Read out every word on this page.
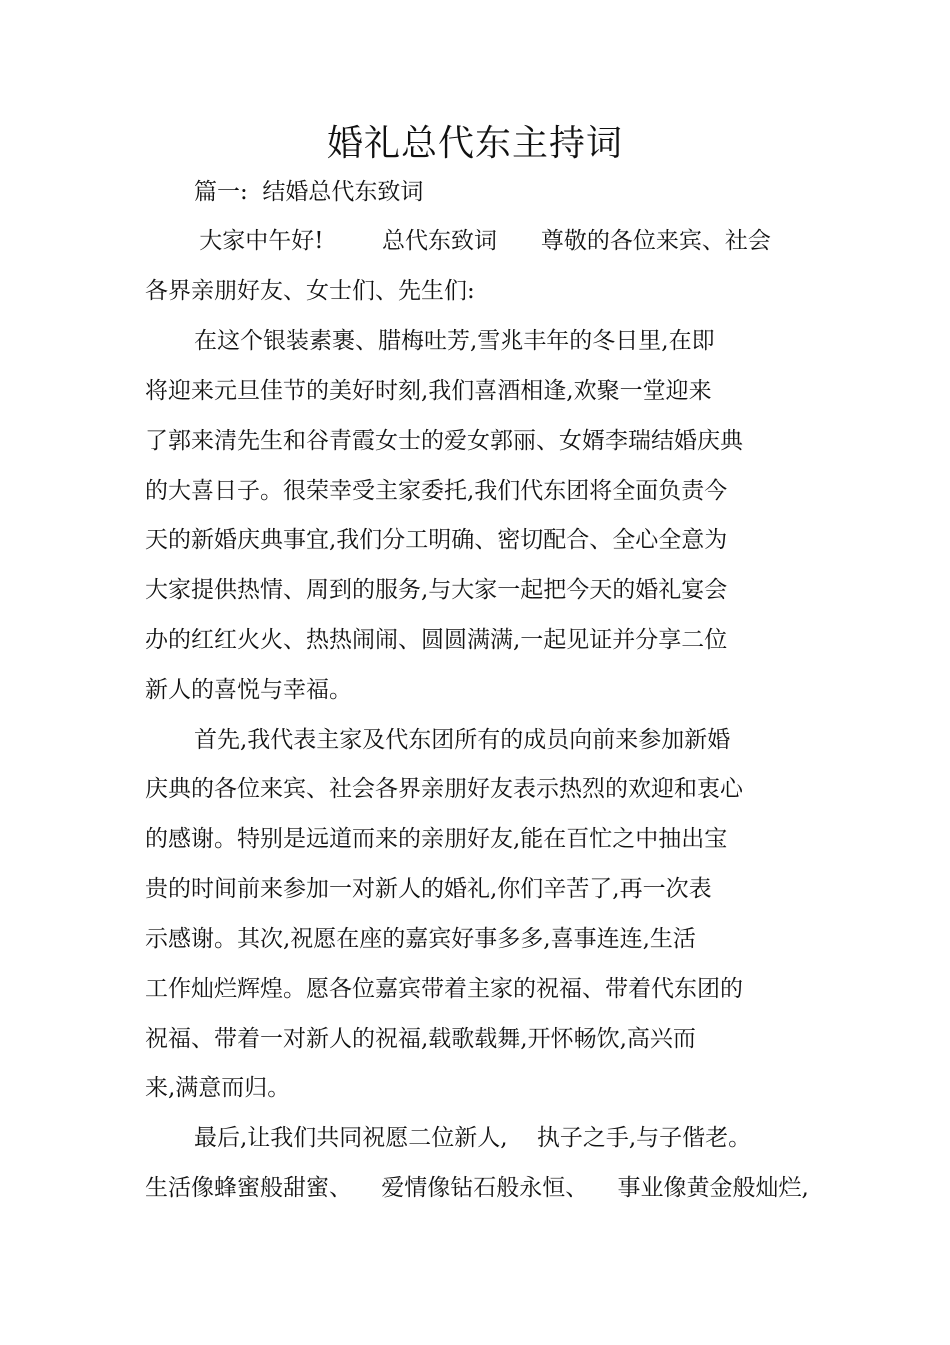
婚礼总代东主持词
篇一:  结婚总代东致词
大家中午好!        总代东致词      尊敬的各位来宾、社会
各界亲朋好友、女士们、先生们:
在这个银装素裹、腊梅吐芳,雪兆丰年的冬日里,在即
将迎来元旦佳节的美好时刻,我们喜酒相逢,欢聚一堂迎来
了郭来清先生和谷青霞女士的爱女郭丽、女婿李瑞结婚庆典
的大喜日子。很荣幸受主家委托,我们代东团将全面负责今
天的新婚庆典事宜,我们分工明确、密切配合、全心全意为
大家提供热情、周到的服务,与大家一起把今天的婚礼宴会
办的红红火火、热热闹闹、圆圆满满,一起见证并分享二位
新人的喜悦与幸福。
首先,我代表主家及代东团所有的成员向前来参加新婚
庆典的各位来宾、社会各界亲朋好友表示热烈的欢迎和衷心
的感谢。特别是远道而来的亲朋好友,能在百忙之中抽出宝
贵的时间前来参加一对新人的婚礼,你们辛苦了,再一次表
示感谢。其次,祝愿在座的嘉宾好事多多,喜事连连,生活
工作灿烂辉煌。愿各位嘉宾带着主家的祝福、带着代东团的
祝福、带着一对新人的祝福,载歌载舞,开怀畅饮,高兴而
来,满意而归。
最后,让我们共同祝愿二位新人,    执子之手,与子偕老。
生活像蜂蜜般甜蜜、    爱情像钻石般永恒、    事业像黄金般灿烂,
